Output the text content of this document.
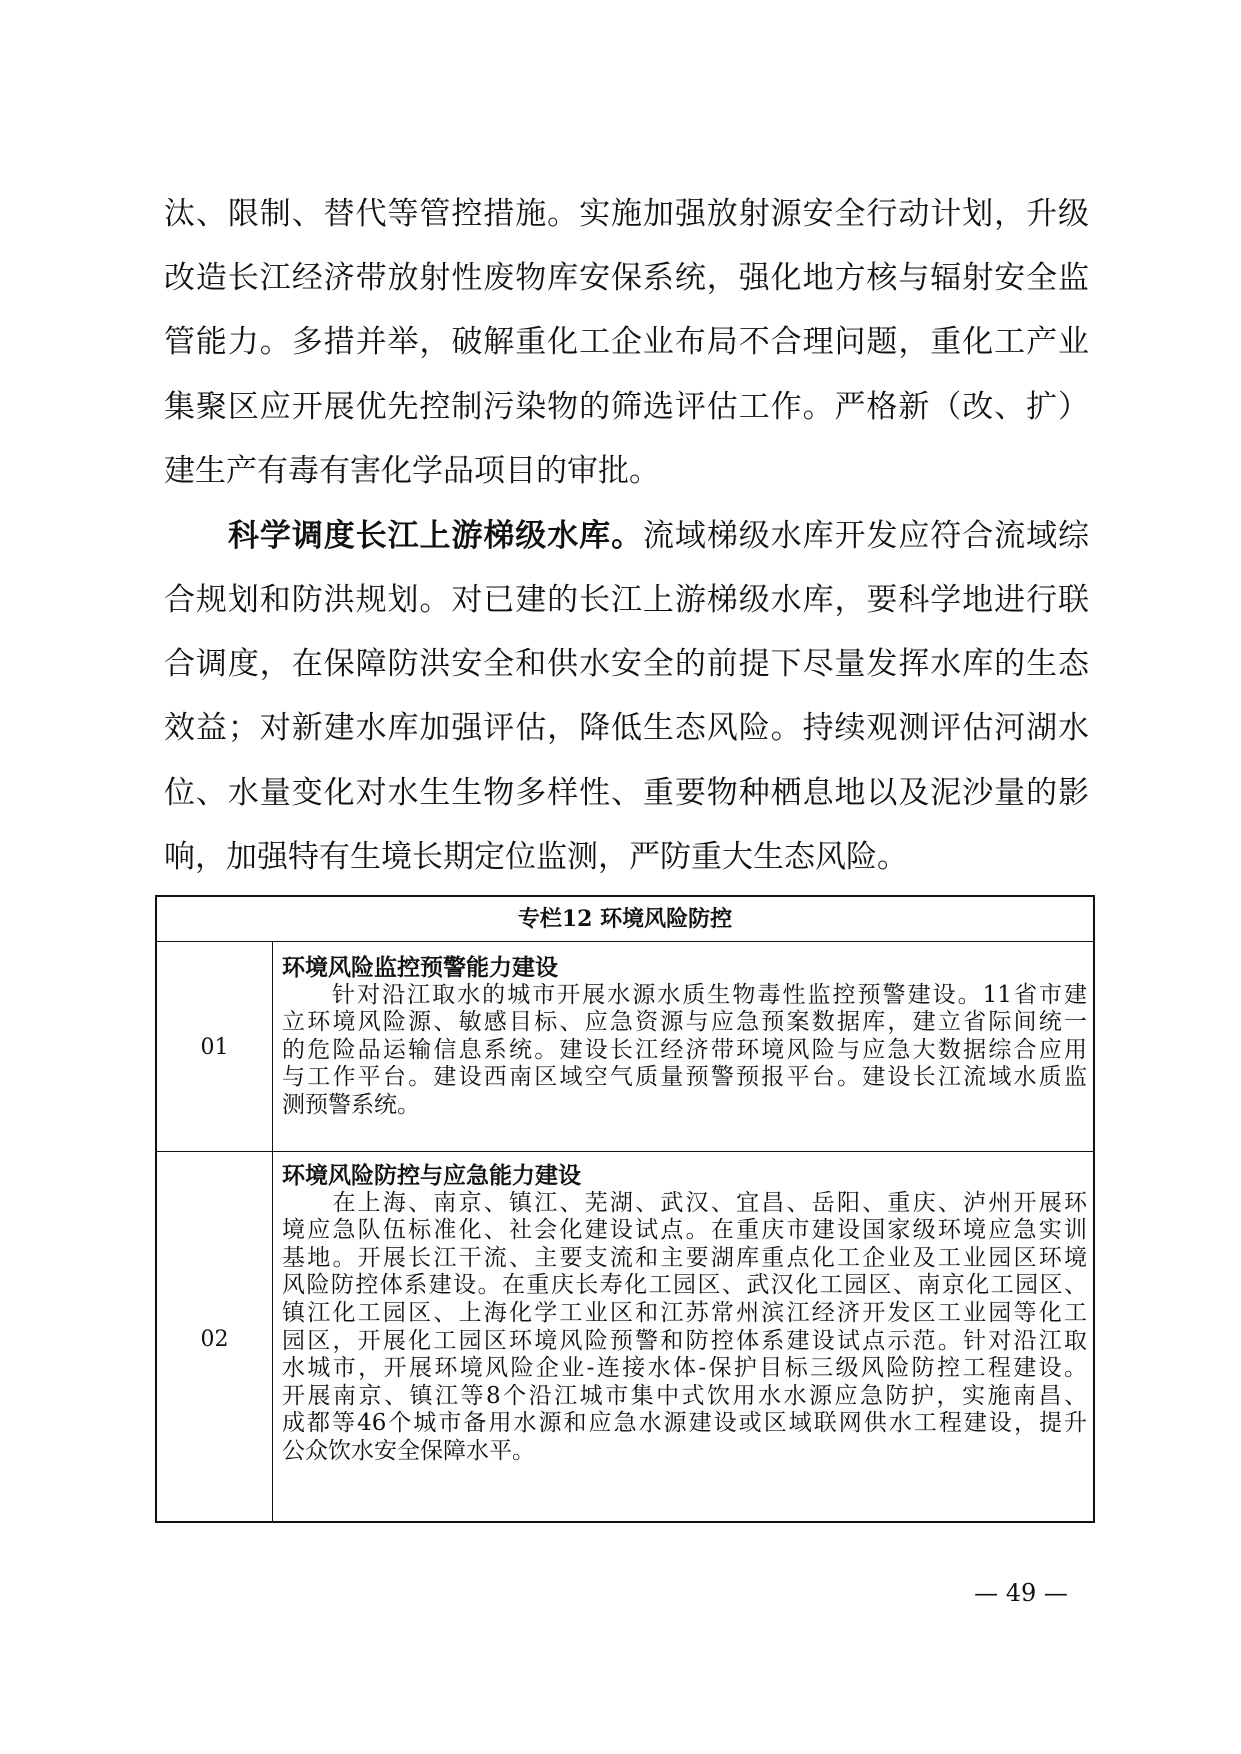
汰、限制、替代等管控措施。实施加强放射源安全行动计划，升级
改造长江经济带放射性废物库安保系统，强化地方核与辐射安全监
管能力。多措并举，破解重化工企业布局不合理问题，重化工产业
集聚区应开展优先控制污染物的筛选评估工作。严格新（改、扩）
建生产有毒有害化学品项目的审批。
科学调度长江上游梯级水库。流域梯级水库开发应符合流域综
合规划和防洪规划。对已建的长江上游梯级水库，要科学地进行联
合调度，在保障防洪安全和供水安全的前提下尽量发挥水库的生态
效益；对新建水库加强评估，降低生态风险。持续观测评估河湖水
位、水量变化对水生生物多样性、重要物种栖息地以及泥沙量的影
响，加强特有生境长期定位监测，严防重大生态风险。
专栏12 环境风险防控
01
02
环境风险监控预警能力建设
　　针对沿江取水的城市开展水源水质生物毒性监控预警建设。11省市建
立环境风险源、敏感目标、应急资源与应急预案数据库，建立省际间统一
的危险品运输信息系统。建设长江经济带环境风险与应急大数据综合应用
与工作平台。建设西南区域空气质量预警预报平台。建设长江流域水质监
测预警系统。
环境风险防控与应急能力建设
　　在上海、南京、镇江、芜湖、武汉、宜昌、岳阳、重庆、泸州开展环
境应急队伍标准化、社会化建设试点。在重庆市建设国家级环境应急实训
基地。开展长江干流、主要支流和主要湖库重点化工企业及工业园区环境
风险防控体系建设。在重庆长寿化工园区、武汉化工园区、南京化工园区、
镇江化工园区、上海化学工业区和江苏常州滨江经济开发区工业园等化工
园区，开展化工园区环境风险预警和防控体系建设试点示范。针对沿江取
水城市，开展环境风险企业-连接水体-保护目标三级风险防控工程建设。
开展南京、镇江等8个沿江城市集中式饮用水水源应急防护，实施南昌、
成都等46个城市备用水源和应急水源建设或区域联网供水工程建设，提升
公众饮水安全保障水平。
— 49 —
